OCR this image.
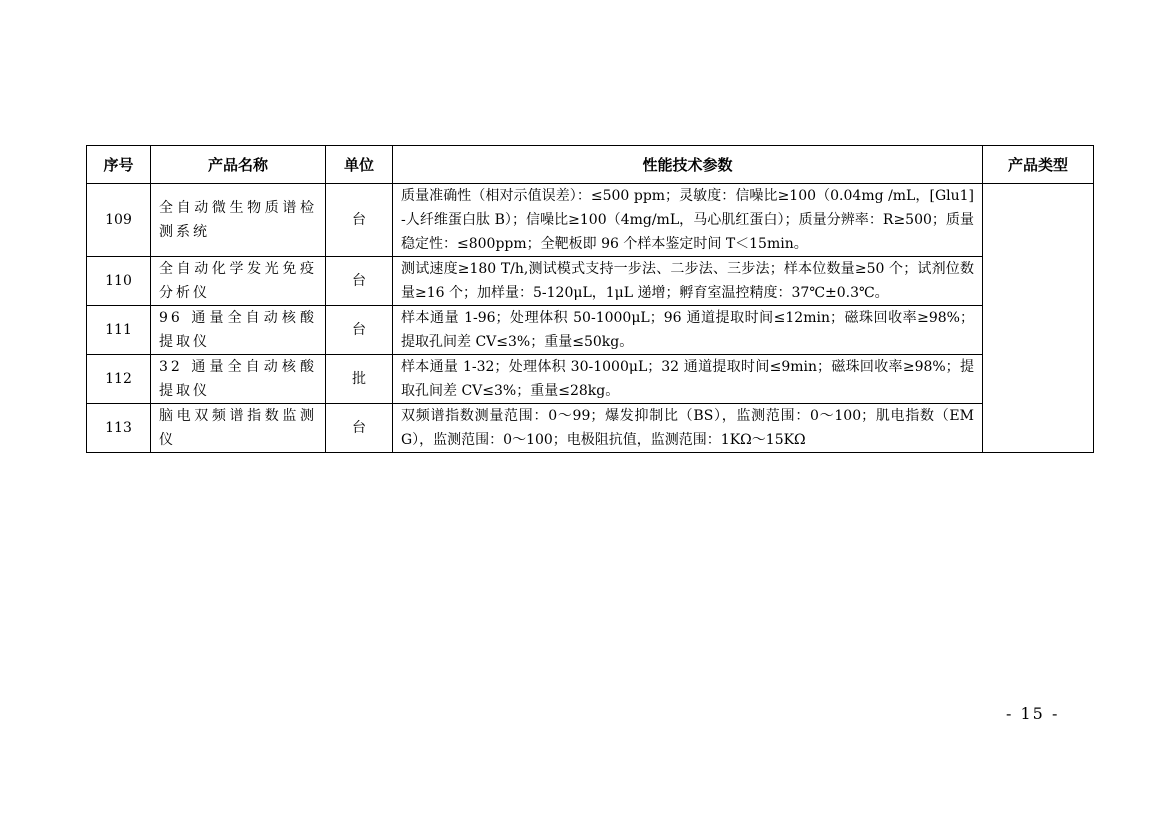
序号	产品名称	单位	性能技术参数	产品类型
109	全自动微生物质谱检测系统	台	质量准确性（相对示值误差）：≤500 ppm；灵敏度：信噪比≥100（0.04mg /mL，[Glu1]-人纤维蛋白肽 B）；信噪比≥100（4mg/mL，马心肌红蛋白）；质量分辨率：R≥500；质量稳定性：≤800ppm；全靶板即 96 个样本鉴定时间 T＜15min。	
110	全自动化学发光免疫分析仪	台	测试速度≥180 T/h,测试模式支持一步法、二步法、三步法；样本位数量≥50 个；试剂位数量≥16 个；加样量：5-120μL，1μL 递增；孵育室温控精度：37℃±0.3℃。	
111	96 通量全自动核酸提取仪	台	样本通量 1-96；处理体积 50-1000μL；96 通道提取时间≤12min；磁珠回收率≥98%；提取孔间差 CV≤3%；重量≤50kg。	
112	32 通量全自动核酸提取仪	批	样本通量 1-32；处理体积 30-1000μL；32 通道提取时间≤9min；磁珠回收率≥98%；提取孔间差 CV≤3%；重量≤28kg。	
113	脑电双频谱指数监测仪	台	双频谱指数测量范围：0～99；爆发抑制比（BS），监测范围：0～100；肌电指数（EMG），监测范围：0～100；电极阻抗值，监测范围：1KΩ～15KΩ	
- 15 -
